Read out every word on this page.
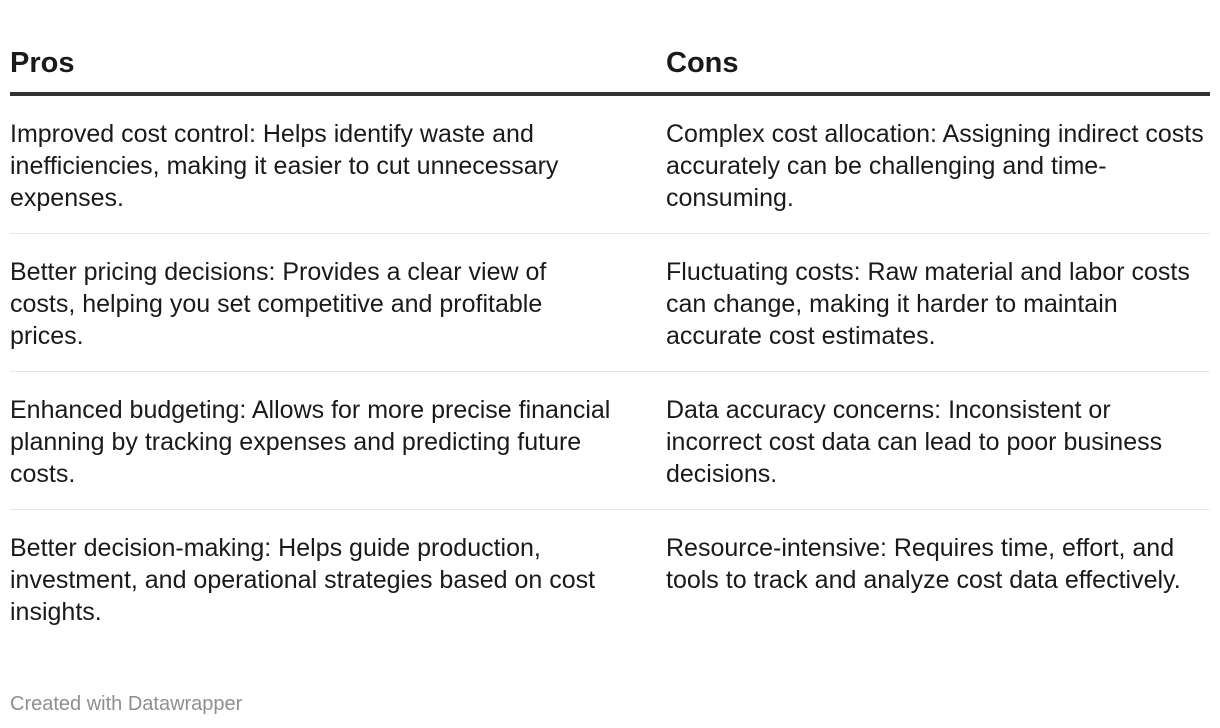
Pros	Cons
Improved cost control: Helps identify waste and inefficiencies, making it easier to cut unnecessary expenses.	Complex cost allocation: Assigning indirect costs accurately can be challenging and time-consuming.
Better pricing decisions: Provides a clear view of costs, helping you set competitive and profitable prices.	Fluctuating costs: Raw material and labor costs can change, making it harder to maintain accurate cost estimates.
Enhanced budgeting: Allows for more precise financial planning by tracking expenses and predicting future costs.	Data accuracy concerns: Inconsistent or incorrect cost data can lead to poor business decisions.
Better decision-making: Helps guide production, investment, and operational strategies based on cost insights.	Resource-intensive: Requires time, effort, and tools to track and analyze cost data effectively.
Created with Datawrapper
